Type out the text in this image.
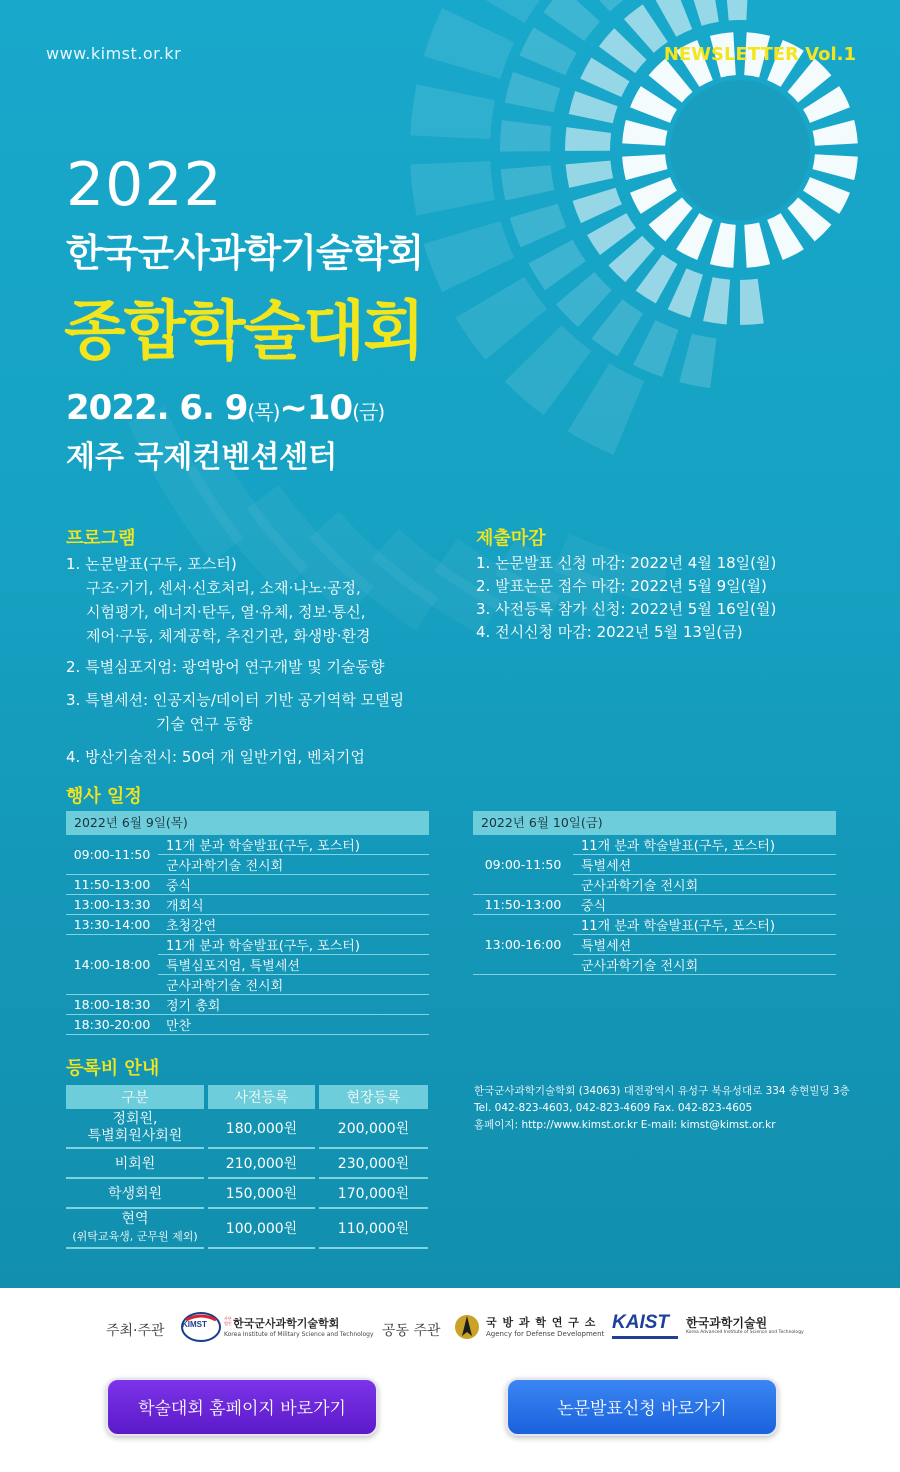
www.kimst.or.kr	NEWSLETTER Vol.1
2022
한국군사과학기술학회
종합학술대회
2022. 6. 9(목)~10(금)
제주 국제컨벤션센터
프로그램
1. 논문발표(구두, 포스터)
구조·기기, 센서·신호처리, 소재·나노·공정,
시험평가, 에너지·탄두, 열·유체, 정보·통신,
제어·구동, 체계공학, 추진기관, 화생방·환경
2. 특별심포지엄: 광역방어 연구개발 및 기술동향
3. 특별세션: 인공지능/데이터 기반 공기역학 모델링
기술 연구 동향
4. 방산기술전시: 50여 개 일반기업, 벤처기업
제출마감
1. 논문발표 신청 마감: 2022년 4월 18일(월)
2. 발표논문 접수 마감: 2022년 5월 9일(월)
3. 사전등록 참가 신청: 2022년 5월 16일(월)
4. 전시신청 마감: 2022년 5월 13일(금)
행사 일정
2022년 6월 9일(목)
09:00-11:50	11개 분과 학술발표(구두, 포스터)
	군사과학기술 전시회
11:50-13:00	중식
13:00-13:30	개회식
13:30-14:00	초청강연
14:00-18:00	11개 분과 학술발표(구두, 포스터)
	특별심포지엄, 특별세션
	군사과학기술 전시회
18:00-18:30	정기 총회
18:30-20:00	만찬
2022년 6월 10일(금)
09:00-11:50	11개 분과 학술발표(구두, 포스터)
	특별세션
	군사과학기술 전시회
11:50-13:00	중식
13:00-16:00	11개 분과 학술발표(구두, 포스터)
	특별세션
	군사과학기술 전시회
등록비 안내
구분	사전등록	현장등록

정회원,
특별회원사회원	180,000원	200,000원
비회원	210,000원	230,000원
학생회원	150,000원	170,000원

현역
(위탁교육생, 군무원 제외)	100,000원	110,000원
한국군사과학기술학회 (34063) 대전광역시 유성구 북유성대로 334 송현빌딩 3층
Tel. 042-823-4603, 042-823-4609 Fax. 042-823-4605
홈페이지: http://www.kimst.or.kr E-mail: kimst@kimst.or.kr
주최·주관 KIMST
사단법인 한국군사과학기술학회
Korea Institute of Military Science and Technology 공동 주관
국 방 과 학 연 구 소
Agency for Defense Development
KAIST 한국과학기술원
Korea Advanced Institute of Science and Technology
학술대회 홈페이지 바로가기	논문발표신청 바로가기
